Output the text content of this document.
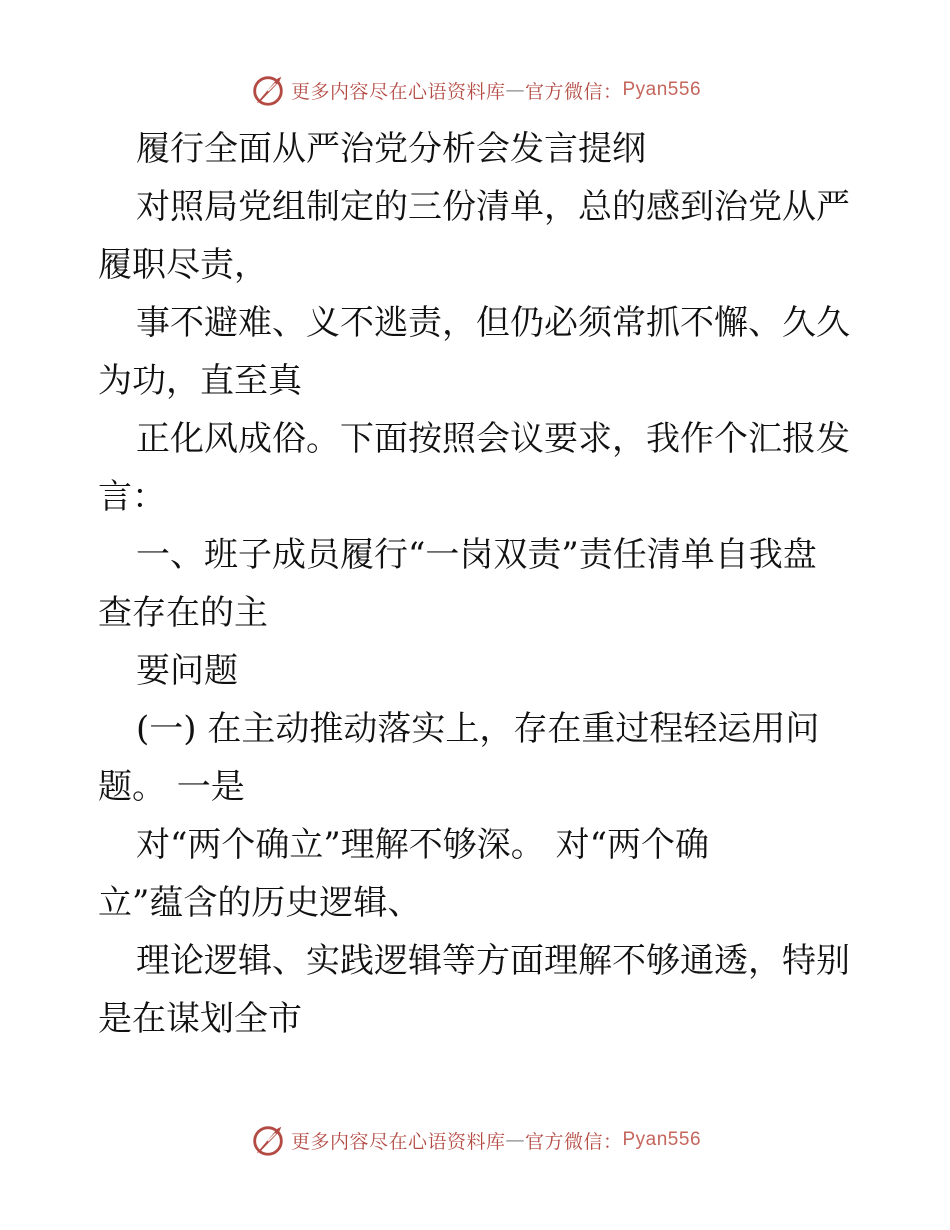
更多内容尽在心语资料库 — 官方微信： Pyan556
履行全面从严治党分析会发言提纲
对照局党组制定的三份清单，总的感到治党从严
履职尽责，
事不避难、义不逃责，但仍必须常抓不懈、久久
为功，直至真
正化风成俗。下面按照会议要求，我作个汇报发
言：
一、班子成员履行“一岗双责”责任清单自我盘
查存在的主
要问题
(一) 在主动推动落实上，存在重过程轻运用问
题。 一是
对“两个确立”理解不够深。 对“两个确
立”蕴含的历史逻辑、
理论逻辑、实践逻辑等方面理解不够通透，特别
是在谋划全市
更多内容尽在心语资料库 — 官方微信： Pyan556
